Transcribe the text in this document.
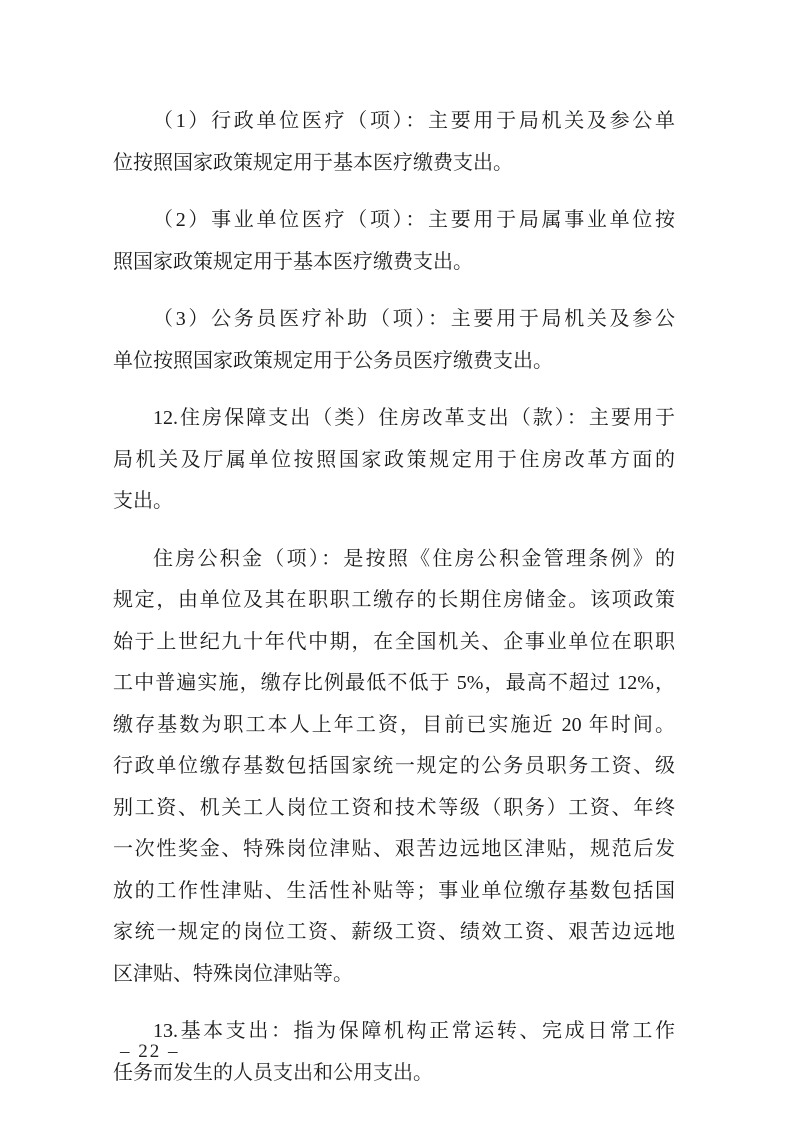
（1）行政单位医疗（项）：主要用于局机关及参公单
位按照国家政策规定用于基本医疗缴费支出。

（2）事业单位医疗（项）：主要用于局属事业单位按
照国家政策规定用于基本医疗缴费支出。

（3）公务员医疗补助（项）：主要用于局机关及参公
单位按照国家政策规定用于公务员医疗缴费支出。

12.住房保障支出（类）住房改革支出（款）：主要用于
局机关及厅属单位按照国家政策规定用于住房改革方面的
支出。

住房公积金（项）：是按照《住房公积金管理条例》的
规定，由单位及其在职职工缴存的长期住房储金。该项政策
始于上世纪九十年代中期，在全国机关、企事业单位在职职
工中普遍实施，缴存比例最低不低于 5%，最高不超过 12%，
缴存基数为职工本人上年工资，目前已实施近 20 年时间。
行政单位缴存基数包括国家统一规定的公务员职务工资、级
别工资、机关工人岗位工资和技术等级（职务）工资、年终
一次性奖金、特殊岗位津贴、艰苦边远地区津贴，规范后发
放的工作性津贴、生活性补贴等；事业单位缴存基数包括国
家统一规定的岗位工资、薪级工资、绩效工资、艰苦边远地
区津贴、特殊岗位津贴等。

13.基本支出：指为保障机构正常运转、完成日常工作
任务而发生的人员支出和公用支出。

– 22 –
